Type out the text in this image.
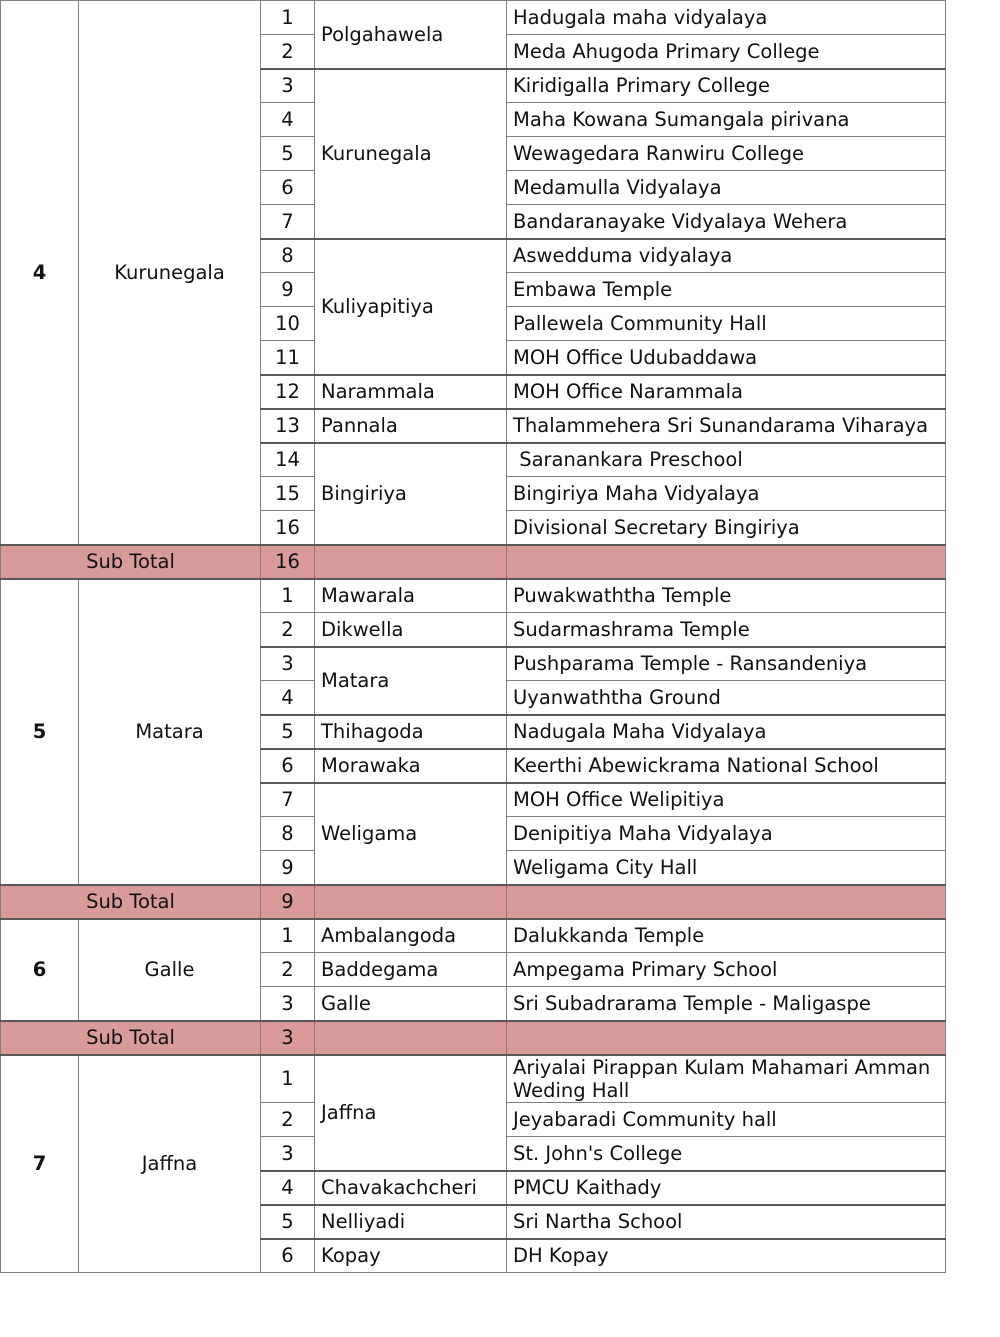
4	Kurunegala	1	Polgahawela	Hadugala maha vidyalaya
		2		Meda Ahugoda Primary College
		3	Kurunegala	Kiridigalla Primary College
		4		Maha Kowana Sumangala pirivana
		5		Wewagedara Ranwiru College
		6		Medamulla Vidyalaya
		7		Bandaranayake Vidyalaya Wehera
		8	Kuliyapitiya	Aswedduma vidyalaya
		9		Embawa Temple
		10		Pallewela Community Hall
		11		MOH Office Udubaddawa
		12	Narammala	MOH Office Narammala
		13	Pannala	Thalammehera Sri Sunandarama Viharaya
		14	Bingiriya	Saranankara Preschool
		15		Bingiriya Maha Vidyalaya
		16		Divisional Secretary Bingiriya
Sub Total		16		
5	Matara	1	Mawarala	Puwakwaththa Temple
		2	Dikwella	Sudarmashrama Temple
		3	Matara	Pushparama Temple - Ransandeniya
		4		Uyanwaththa Ground
		5	Thihagoda	Nadugala Maha Vidyalaya
		6	Morawaka	Keerthi Abewickrama National School
		7	Weligama	MOH Office Welipitiya
		8		Denipitiya Maha Vidyalaya
		9		Weligama City Hall
Sub Total		9		
6	Galle	1	Ambalangoda	Dalukkanda Temple
		2	Baddegama	Ampegama Primary School
		3	Galle	Sri Subadrarama Temple - Maligaspe
Sub Total		3		
7	Jaffna	1	Jaffna	Ariyalai Pirappan Kulam Mahamari Amman Weding Hall
		2		Jeyabaradi Community hall
		3		St. John's College
		4	Chavakachcheri	PMCU Kaithady
		5	Nelliyadi	Sri Nartha School
		6	Kopay	DH Kopay
